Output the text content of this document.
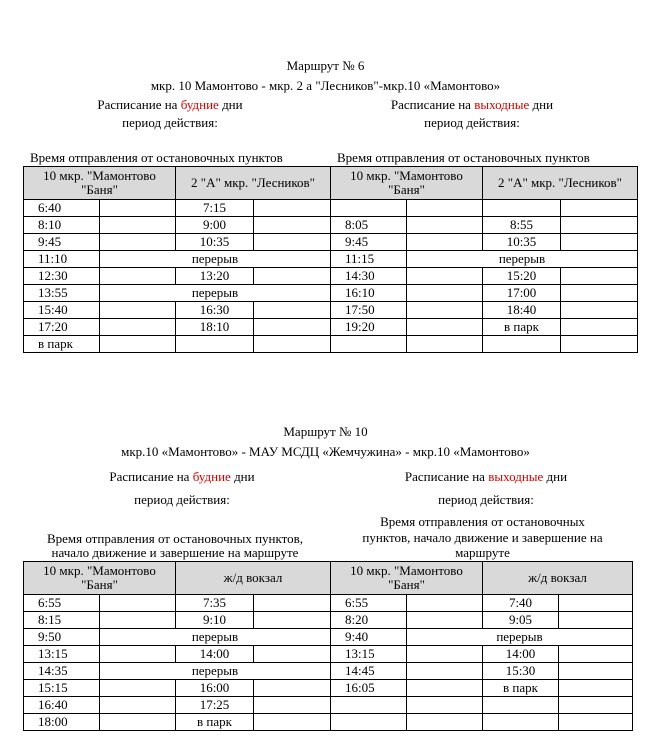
Маршрут № 6
мкр. 10 Мамонтово - мкр. 2 а "Лесников"-мкр.10 «Мамонтово»
Расписание на будние дни
период действия:
Расписание на выходные дни
период действия:
Время отправления от остановочных пунктов	Время отправления от остановочных пунктов
10 мкр. "Мамонтово "Баня"		2 "А" мкр. "Лесников"	
6:40		7:15	
8:10		9:00	
9:45		10:35	
11:10	перерыв		
12:30		13:20	
13:55	перерыв		
15:40		16:30	
17:20		18:10	
в парк			
10 мкр. "Мамонтово "Баня"		2 "А" мкр. "Лесников"	

8:05		8:55	
9:45		10:35	
11:15	перерыв		
14:30		15:20	
16:10		17:00	
17:50		18:40	
19:20		в парк	

Маршрут № 10
мкр.10 «Мамонтово» - МАУ МСДЦ «Жемчужина» - мкр.10 «Мамонтово»
Расписание на будние дни
период действия:
Расписание на выходные дни
период действия:
Время отправления от остановочных пунктов,
начало движение и завершение на маршруте
Время отправления от остановочных
пунктов, начало движение и завершение на
маршруте
10 мкр. "Мамонтово "Баня"		ж/д вокзал	
6:55		7:35	
8:15		9:10	
9:50	перерыв		
13:15		14:00	
14:35	перерыв		
15:15		16:00	
16:40		17:25	
18:00		в парк	
10 мкр. "Мамонтово "Баня"		ж/д вокзал	
6:55		7:40	
8:20		9:05	
9:40	перерыв		
13:15		14:00	
14:45		15:30	
16:05		в парк	
